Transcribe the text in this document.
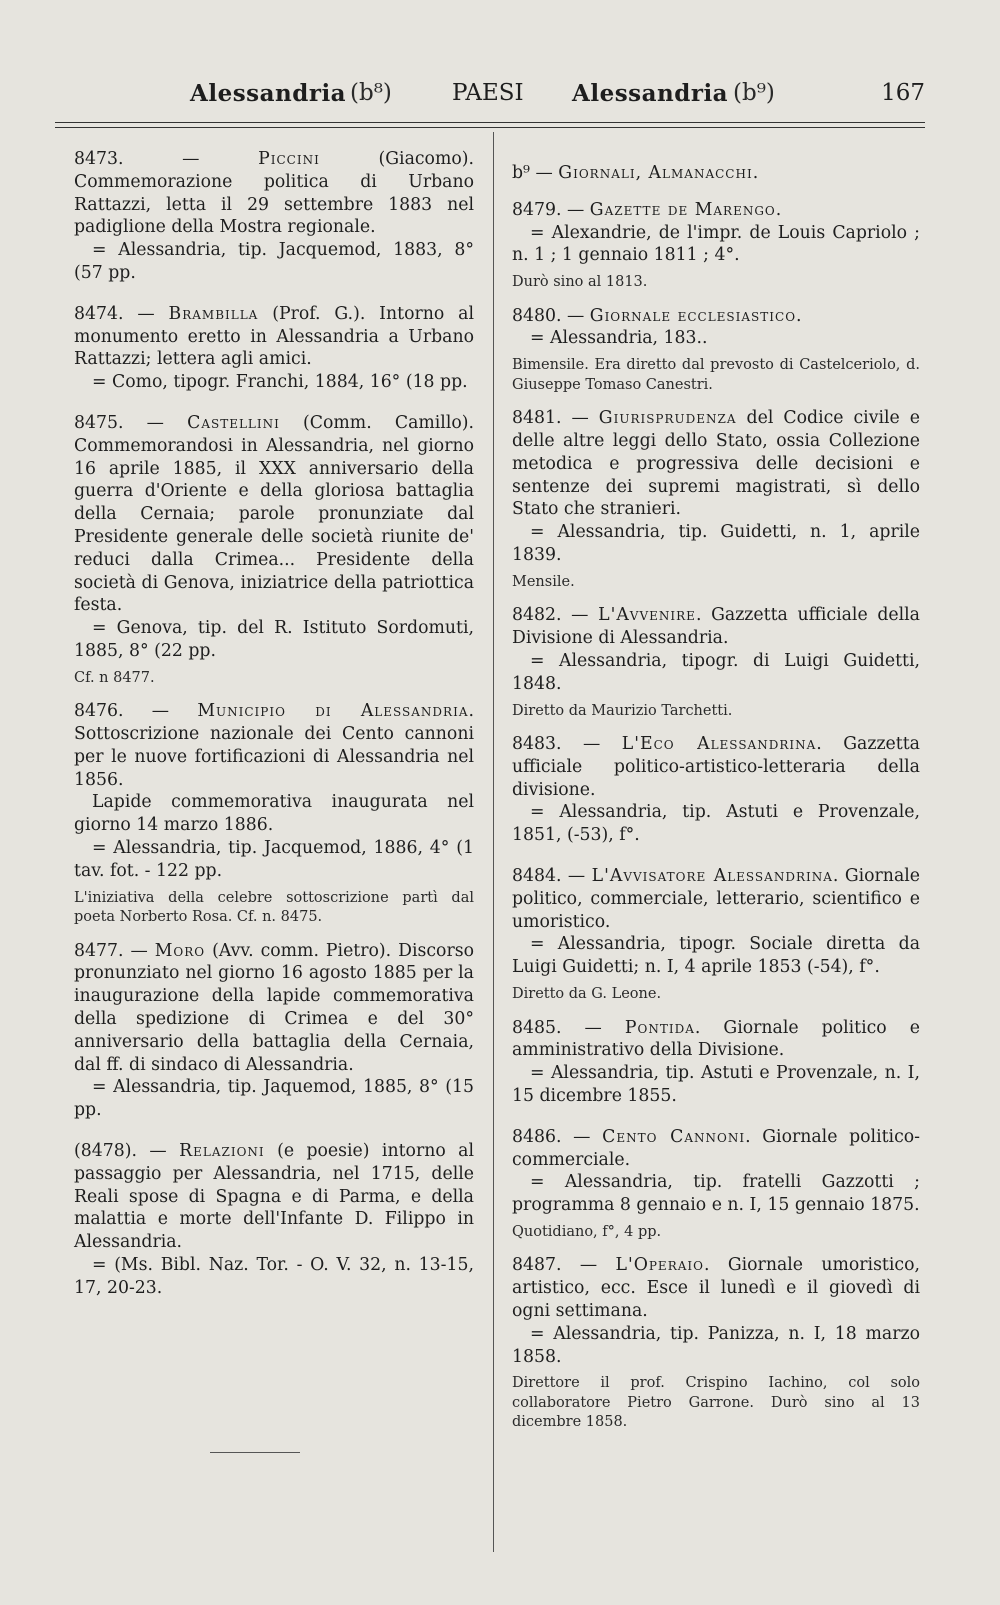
Alessandria (b⁸)	PAESI Alessandria (b⁹)	167

8473. — Piccini (Giacomo). Commemorazione politica di Urbano Rattazzi, letta il 29 settembre 1883 nel padiglione della Mostra regionale.

= Alessandria, tip. Jacquemod, 1883, 8° (57 pp.

8474. — Brambilla (Prof. G.). Intorno al monumento eretto in Alessandria a Urbano Rattazzi; lettera agli amici.

= Como, tipogr. Franchi, 1884, 16° (18 pp.

8475. — Castellini (Comm. Camillo). Commemorandosi in Alessandria, nel giorno 16 aprile 1885, il XXX anniversario della guerra d'Oriente e della gloriosa battaglia della Cernaia; parole pronunziate dal Presidente generale delle società riunite de' reduci dalla Crimea... Presidente della società di Genova, iniziatrice della patriottica festa.

= Genova, tip. del R. Istituto Sordomuti, 1885, 8° (22 pp.

Cf. n 8477.

8476. — Municipio di Alessandria. Sottoscrizione nazionale dei Cento cannoni per le nuove fortificazioni di Alessandria nel 1856.

Lapide commemorativa inaugurata nel giorno 14 marzo 1886.

= Alessandria, tip. Jacquemod, 1886, 4° (1 tav. fot. - 122 pp.

L'iniziativa della celebre sottoscrizione partì dal poeta Norberto Rosa. Cf. n. 8475.

8477. — Moro (Avv. comm. Pietro). Discorso pronunziato nel giorno 16 agosto 1885 per la inaugurazione della lapide commemorativa della spedizione di Crimea e del 30° anniversario della battaglia della Cernaia, dal ff. di sindaco di Alessandria.

= Alessandria, tip. Jaquemod, 1885, 8° (15 pp.

(8478). — Relazioni (e poesie) intorno al passaggio per Alessandria, nel 1715, delle Reali spose di Spagna e di Parma, e della malattia e morte dell'Infante D. Filippo in Alessandria.

= (Ms. Bibl. Naz. Tor. - O. V. 32, n. 13-15, 17, 20-23.

b⁹ — Giornali, Almanacchi.

8479. — Gazette de Marengo.

= Alexandrie, de l'impr. de Louis Capriolo ; n. 1 ; 1 gennaio 1811 ; 4°.

Durò sino al 1813.

8480. — Giornale ecclesiastico.

= Alessandria, 183..

Bimensile. Era diretto dal prevosto di Castelceriolo, d. Giuseppe Tomaso Canestri.

8481. — Giurisprudenza del Codice civile e delle altre leggi dello Stato, ossia Collezione metodica e progressiva delle decisioni e sentenze dei supremi magistrati, sì dello Stato che stranieri.

= Alessandria, tip. Guidetti, n. 1, aprile 1839.

Mensile.

8482. — L'Avvenire. Gazzetta ufficiale della Divisione di Alessandria.

= Alessandria, tipogr. di Luigi Guidetti, 1848.

Diretto da Maurizio Tarchetti.

8483. — L'Eco Alessandrina. Gazzetta ufficiale politico-artistico-letteraria della divisione.

= Alessandria, tip. Astuti e Provenzale, 1851, (-53), f°.

8484. — L'Avvisatore Alessandrina. Giornale politico, commerciale, letterario, scientifico e umoristico.

= Alessandria, tipogr. Sociale diretta da Luigi Guidetti; n. I, 4 aprile 1853 (-54), f°.

Diretto da G. Leone.

8485. — Pontida. Giornale politico e amministrativo della Divisione.

= Alessandria, tip. Astuti e Provenzale, n. I, 15 dicembre 1855.

8486. — Cento Cannoni. Giornale politico-commerciale.

= Alessandria, tip. fratelli Gazzotti ; programma 8 gennaio e n. I, 15 gennaio 1875.

Quotidiano, f°, 4 pp.

8487. — L'Operaio. Giornale umoristico, artistico, ecc. Esce il lunedì e il giovedì di ogni settimana.

= Alessandria, tip. Panizza, n. I, 18 marzo 1858.

Direttore il prof. Crispino Iachino, col solo collaboratore Pietro Garrone. Durò sino al 13 dicembre 1858.
